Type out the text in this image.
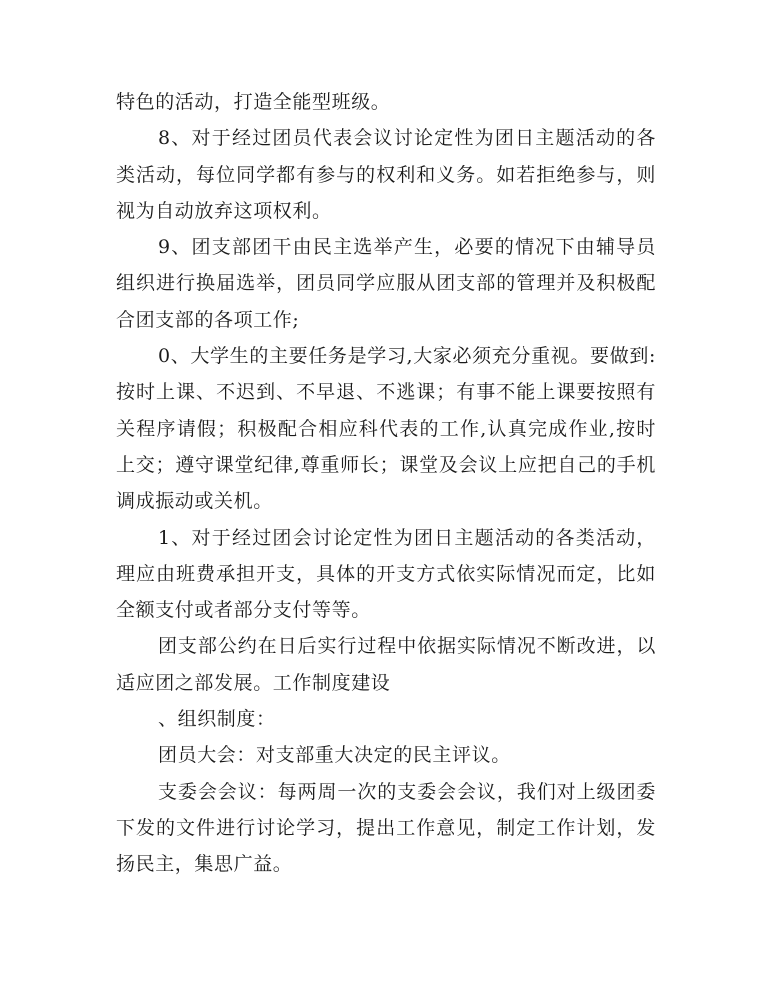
特色的活动，打造全能型班级。

8、对于经过团员代表会议讨论定性为团日主题活动的各类活动，每位同学都有参与的权利和义务。如若拒绝参与，则视为自动放弃这项权利。

9、团支部团干由民主选举产生，必要的情况下由辅导员组织进行换届选举，团员同学应服从团支部的管理并及积极配合团支部的各项工作;

0、大学生的主要任务是学习,大家必须充分重视。要做到:按时上课、不迟到、不早退、不逃课；有事不能上课要按照有关程序请假；积极配合相应科代表的工作,认真完成作业,按时上交；遵守课堂纪律,尊重师长；课堂及会议上应把自己的手机调成振动或关机。

1、对于经过团会讨论定性为团日主题活动的各类活动，理应由班费承担开支，具体的开支方式依实际情况而定，比如全额支付或者部分支付等等。

团支部公约在日后实行过程中依据实际情况不断改进，以适应团之部发展。工作制度建设

、组织制度：

团员大会：对支部重大决定的民主评议。

支委会会议：每两周一次的支委会会议，我们对上级团委下发的文件进行讨论学习，提出工作意见，制定工作计划，发扬民主，集思广益。
